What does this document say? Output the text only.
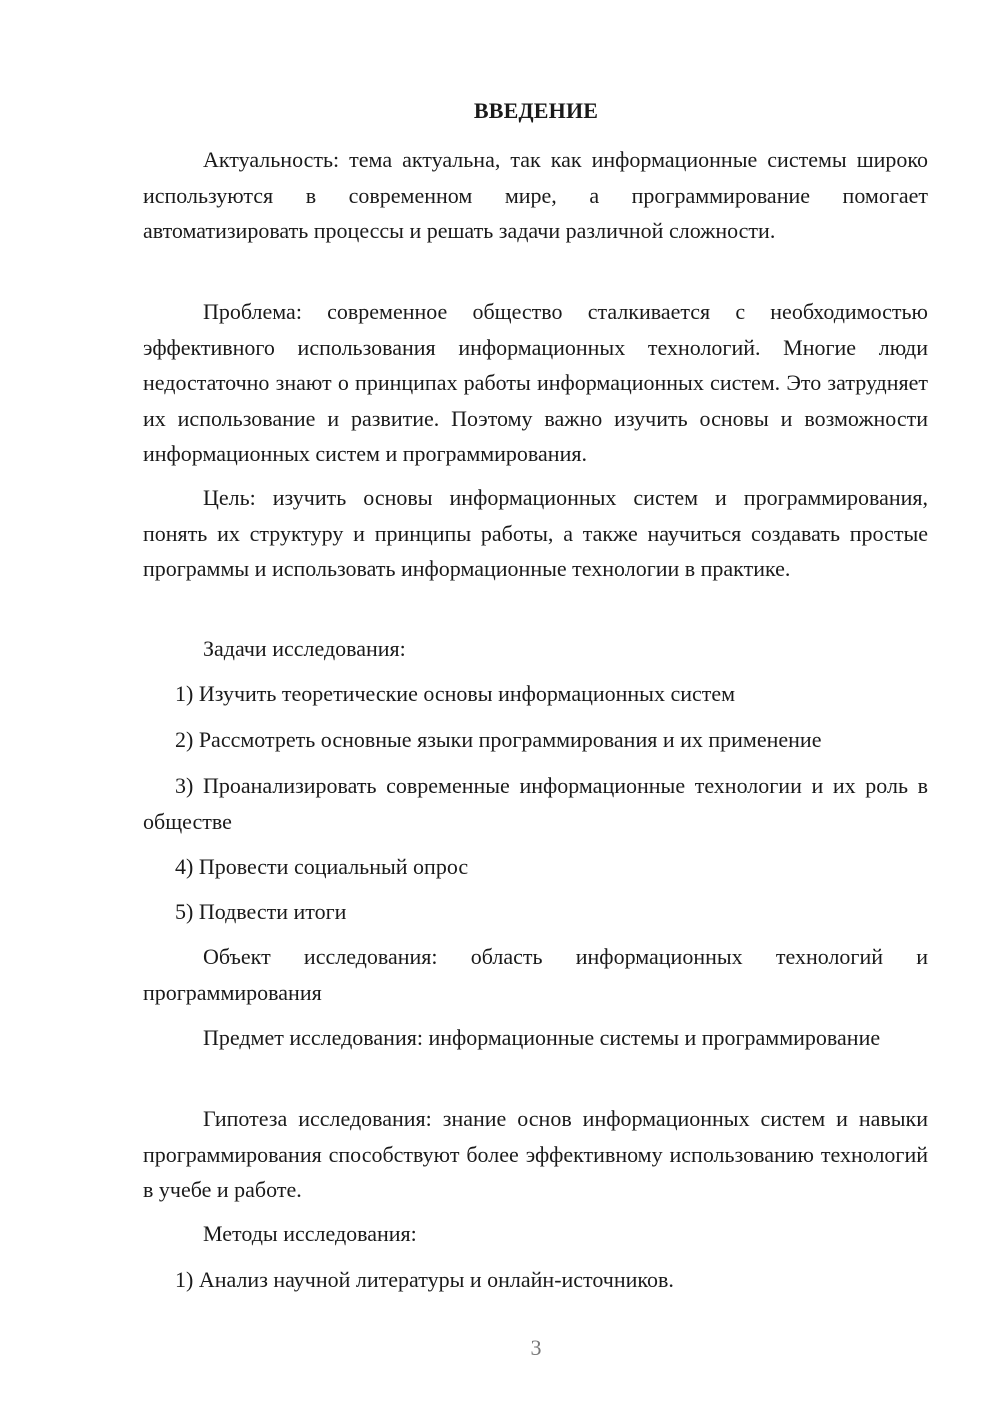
ВВЕДЕНИЕ

Актуальность: тема актуальна, так как информационные системы широко используются в современном мире, а программирование помогает автоматизировать процессы и решать задачи различной сложности.

Проблема: современное общество сталкивается с необходимостью эффективного использования информационных технологий. Многие люди недостаточно знают о принципах работы информационных систем. Это затрудняет их использование и развитие. Поэтому важно изучить основы и возможности информационных систем и программирования.

Цель: изучить основы информационных систем и программирования, понять их структуру и принципы работы, а также научиться создавать простые программы и использовать информационные технологии в практике.

Задачи исследования:

1) Изучить теоретические основы информационных систем

2) Рассмотреть основные языки программирования и их применение

3) Проанализировать современные информационные технологии и их роль в обществе

4) Провести социальный опрос

5) Подвести итоги

Объект исследования: область информационных технологий и программирования

Предмет исследования: информационные системы и программирование

Гипотеза исследования: знание основ информационных систем и навыки программирования способствуют более эффективному использованию технологий в учебе и работе.

Методы исследования:

1) Анализ научной литературы и онлайн-источников.

3
